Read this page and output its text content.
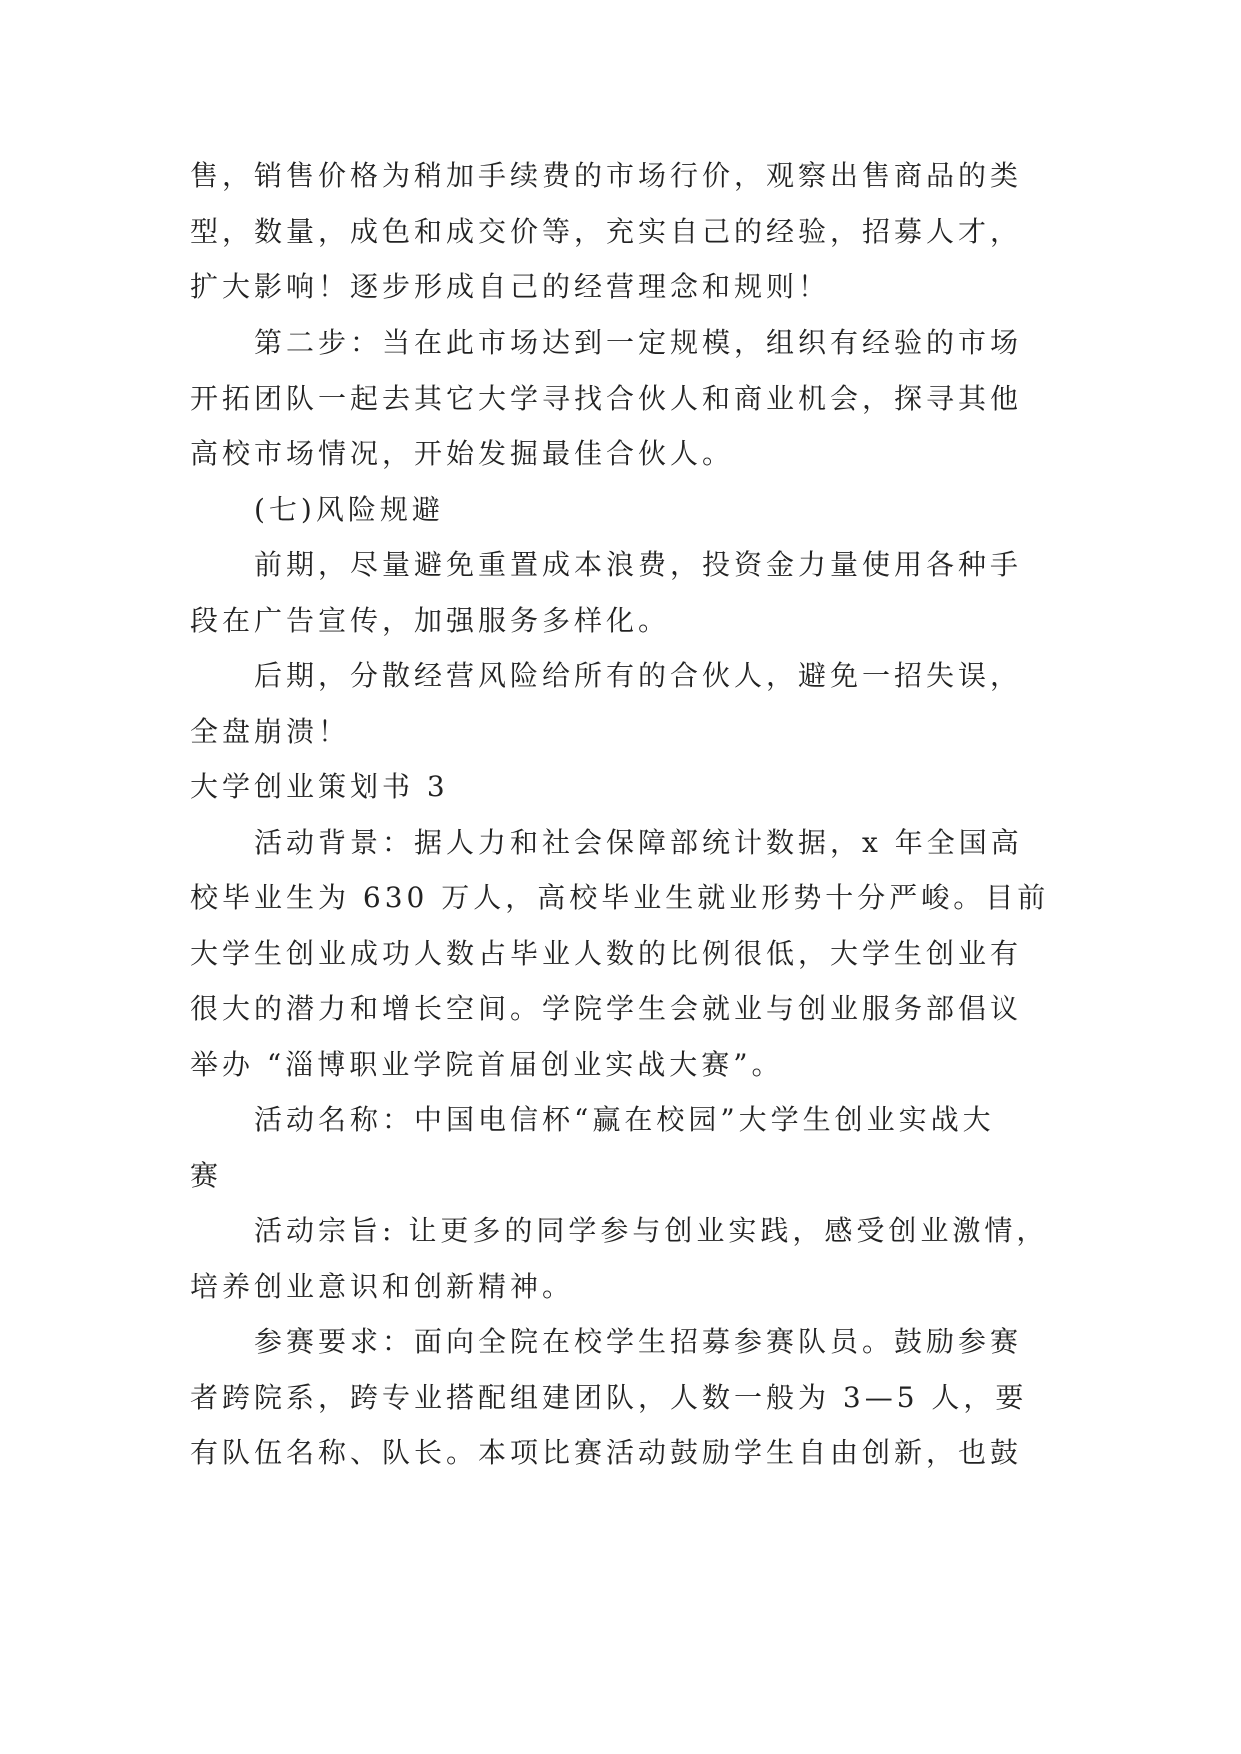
售，销售价格为稍加手续费的市场行价，观察出售商品的类
型，数量，成色和成交价等，充实自己的经验，招募人才，
扩大影响！逐步形成自己的经营理念和规则！
第二步：当在此市场达到一定规模，组织有经验的市场
开拓团队一起去其它大学寻找合伙人和商业机会，探寻其他
高校市场情况，开始发掘最佳合伙人。
(七)风险规避
前期，尽量避免重置成本浪费，投资金力量使用各种手
段在广告宣传，加强服务多样化。
后期，分散经营风险给所有的合伙人，避免一招失误，
全盘崩溃！
大学创业策划书 3
活动背景：据人力和社会保障部统计数据，x 年全国高
校毕业生为 630 万人，高校毕业生就业形势十分严峻。目前
大学生创业成功人数占毕业人数的比例很低，大学生创业有
很大的潜力和增长空间。学院学生会就业与创业服务部倡议
举办 “淄博职业学院首届创业实战大赛”。
活动名称：中国电信杯“赢在校园”大学生创业实战大
赛
活动宗旨: 让更多的同学参与创业实践，感受创业激情，
培养创业意识和创新精神。
参赛要求：面向全院在校学生招募参赛队员。鼓励参赛
者跨院系，跨专业搭配组建团队，人数一般为 3—5 人，要
有队伍名称、队长。本项比赛活动鼓励学生自由创新，也鼓
